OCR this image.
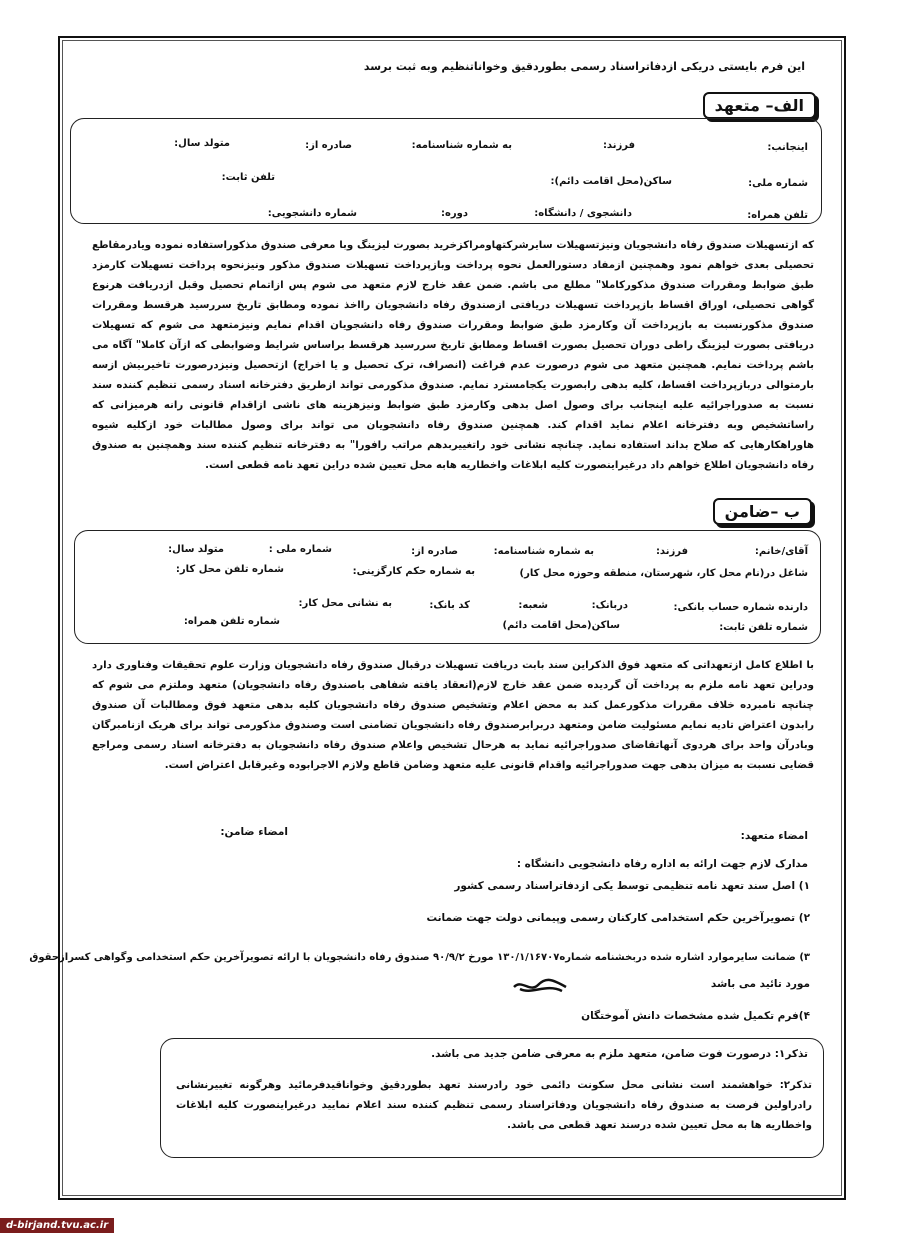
این فرم بایستی دریکی ازدفاتراسناد رسمی بطوردقیق وخواناتنظیم وبه ثبت برسد
الف– متعهد
اینجانب:
فرزند:
به شماره شناسنامه:
صادره از:
متولد سال:
شماره ملی:
ساکن(محل اقامت دائم):
تلفن ثابت:
تلفن همراه:
دانشجوی / دانشگاه:
دوره:
شماره دانشجویی:
که ازتسهیلات صندوق رفاه دانشجویان ونیزتسهیلات سایرشرکتهاومراکزخرید بصورت لیزینگ وبا معرفی صندوق مذکوراستفاده نموده ویادرمقاطع تحصیلی بعدی خواهم نمود وهمچنین ازمفاد دستورالعمل نحوه پرداخت وبازپرداخت تسهیلات صندوق مذکور ونیزنحوه پرداخت تسهیلات کارمزد طبق ضوابط ومقررات صندوق مذکورکاملا" مطلع می باشم. ضمن عقد خارج لازم متعهد می شوم پس ازاتمام تحصیل وقبل ازدریافت هرنوع گواهی تحصیلی، اوراق اقساط بازپرداخت تسهیلات دریافتی ازصندوق رفاه دانشجویان رااخذ نموده ومطابق تاریخ سررسید هرقسط ومقررات صندوق مذکورنسبت به بازپرداخت آن وکارمزد طبق ضوابط ومقررات صندوق رفاه دانشجویان اقدام نمایم ونیزمتعهد می شوم که تسهیلات دریافتی بصورت لیزینگ راطی دوران تحصیل بصورت اقساط ومطابق تاریخ سررسید هرقسط براساس شرایط وضوابطی که ازآن کاملا" آگاه می باشم پرداخت نمایم. همچنین متعهد می شوم درصورت عدم فراغت (انصراف، ترک تحصیل و یا اخراج) ازتحصیل ونیزدرصورت تاخیربیش ازسه بارمتوالی دربازپرداخت اقساط، کلیه بدهی رابصورت یکجامسترد نمایم. صندوق مذکورمی تواند ازطریق دفترخانه اسناد رسمی تنظیم کننده سند نسبت به صدوراجرائیه علیه اینجانب برای وصول اصل بدهی وکارمزد طبق ضوابط ونیزهزینه های ناشی ازاقدام قانونی رانه هرمیزانی که راساتشخیص وبه دفترخانه اعلام نماید اقدام کند. همچنین صندوق رفاه دانشجویان می تواند برای وصول مطالبات خود ازکلیه شیوه هاوراهکارهایی که صلاح بداند استفاده نماید. چنانچه نشانی خود راتغییربدهم مراتب رافورا" به دفترخانه تنظیم کننده سند وهمچنین به صندوق رفاه دانشجویان اطلاع خواهم داد درغیراینصورت کلیه ابلاغات واخطاریه هابه محل تعیین شده دراین تعهد نامه قطعی است.
ب –ضامن
آقای/خانم:
فرزند:
به شماره شناسنامه:
صادره از:
شماره ملی :
متولد سال:
شاغل در(نام محل کار، شهرستان، منطقه وحوزه محل کار)
به شماره حکم کارگزینی:
شماره تلفن محل کار:
دارنده شماره حساب بانکی:
دربانک:
شعبه:
کد بانک:
به نشانی محل کار:
شماره تلفن ثابت:
ساکن(محل اقامت دائم)
شماره تلفن همراه:
با اطلاع کامل ازتعهداتی که متعهد فوق الذکراین سند بابت دریافت تسهیلات درقبال صندوق رفاه دانشجویان وزارت علوم تحقیقات وفناوری دارد ودراین تعهد نامه ملزم به پرداخت آن گردیده ضمن عقد خارج لازم(انعقاد یافته شفاهی باصندوق رفاه دانشجویان) متعهد وملتزم می شوم که چنانچه نامبرده خلاف مقررات مذکورعمل کند به محض اعلام وتشخیص صندوق رفاه دانشجویان کلیه بدهی متعهد فوق ومطالبات آن صندوق رابدون اعتراض تادیه نمایم مسئولیت ضامن ومتعهد دربرابرصندوق رفاه دانشجویان تضامنی است وصندوق مذکورمی تواند برای هریک ازنامبرگان وبادرآن واحد برای هردوی آنهاتقاضای صدوراجرائیه نماید به هرحال تشخیص واعلام صندوق رفاه دانشجویان به دفترخانه اسناد رسمی ومراجع قضایی نسبت به میزان بدهی جهت صدوراجرائیه واقدام قانونی علیه متعهد وضامن قاطع ولازم الاجرابوده وغیرقابل اعتراض است.
امضاء متعهد:
امضاء ضامن:
مدارک لازم جهت ارائه به اداره رفاه دانشجویی دانشگاه :
۱) اصل سند تعهد نامه تنظیمی توسط یکی ازدفاتراسناد رسمی کشور
۲) تصویرآخرین حکم استخدامی کارکنان رسمی وپیمانی دولت جهت ضمانت
۳) ضمانت سایرموارد اشاره شده دربخشنامه شماره۱۳۰/۱/۱۶۷۰۷ مورخ ۹۰/۹/۲ صندوق رفاه دانشجویان با ارائه تصویرآخرین حکم استخدامی وگواهی کسرازحقوق
مورد تائید می باشد
۴)فرم تکمیل شده مشخصات دانش آموختگان
تذکر۱: درصورت فوت ضامن، متعهد ملزم به معرفی ضامن جدید می باشد.
تذکر۲: خواهشمند است نشانی محل سکونت دائمی خود رادرسند تعهد بطوردقیق وخواناقیدفرمائید وهرگونه تغییرنشانی رادراولین فرصت به صندوق رفاه دانشجویان ودفاتراسناد رسمی تنظیم کننده سند اعلام نمایید درغیراینصورت کلیه ابلاغات واخطاریه ها به محل تعیین شده درسند تعهد قطعی می باشد.
d-birjand.tvu.ac.ir
